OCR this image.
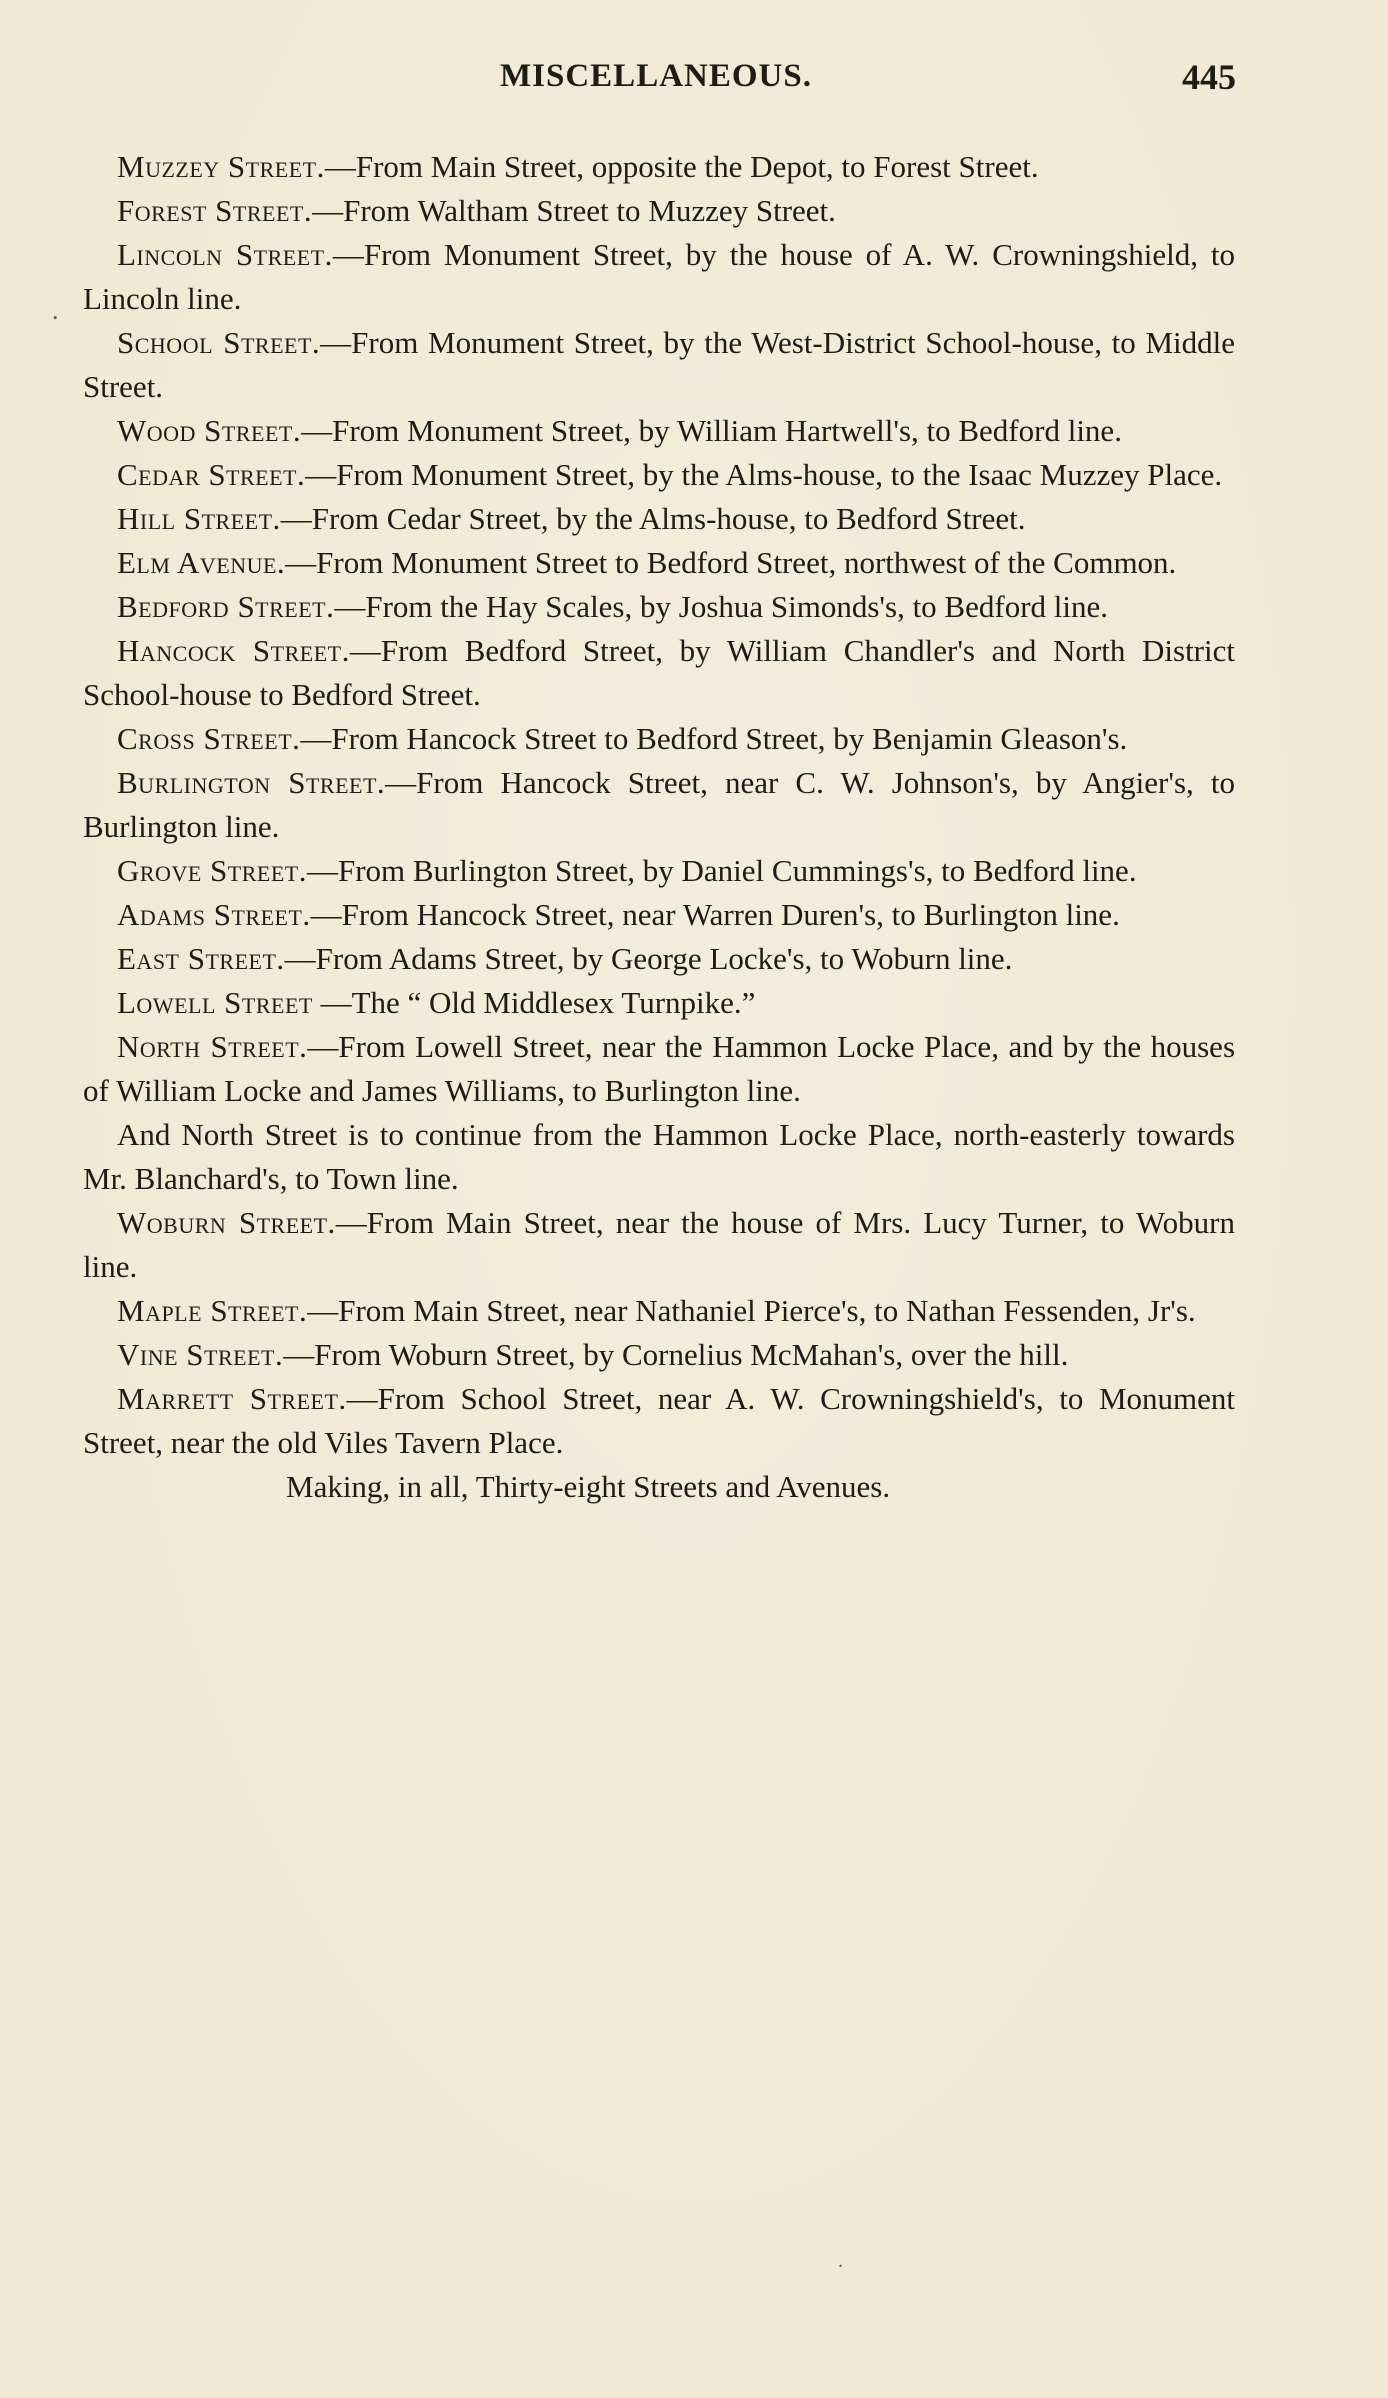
MISCELLANEOUS.	445

Muzzey Street.—From Main Street, opposite the Depot, to Forest Street.

Forest Street.—From Waltham Street to Muzzey Street.

Lincoln Street.—From Monument Street, by the house of A. W. Crowningshield, to Lincoln line.

School Street.—From Monument Street, by the West-District School-house, to Middle Street.

Wood Street.—From Monument Street, by William Hartwell's, to Bedford line.

Cedar Street.—From Monument Street, by the Alms-house, to the Isaac Muzzey Place.

Hill Street.—From Cedar Street, by the Alms-house, to Bedford Street.

Elm Avenue.—From Monument Street to Bedford Street, northwest of the Common.

Bedford Street.—From the Hay Scales, by Joshua Simonds's, to Bedford line.

Hancock Street.—From Bedford Street, by William Chandler's and North District School-house to Bedford Street.

Cross Street.—From Hancock Street to Bedford Street, by Benjamin Gleason's.

Burlington Street.—From Hancock Street, near C. W. Johnson's, by Angier's, to Burlington line.

Grove Street.—From Burlington Street, by Daniel Cummings's, to Bedford line.

Adams Street.—From Hancock Street, near Warren Duren's, to Burlington line.

East Street.—From Adams Street, by George Locke's, to Woburn line.

Lowell Street —The “ Old Middlesex Turnpike.”

North Street.—From Lowell Street, near the Hammon Locke Place, and by the houses of William Locke and James Williams, to Burlington line.

And North Street is to continue from the Hammon Locke Place, north-easterly towards Mr. Blanchard's, to Town line.

Woburn Street.—From Main Street, near the house of Mrs. Lucy Turner, to Woburn line.

Maple Street.—From Main Street, near Nathaniel Pierce's, to Nathan Fessenden, Jr's.

Vine Street.—From Woburn Street, by Cornelius McMahan's, over the hill.

Marrett Street.—From School Street, near A. W. Crowningshield's, to Monument Street, near the old Viles Tavern Place.

Making, in all, Thirty-eight Streets and Avenues.

.
.
